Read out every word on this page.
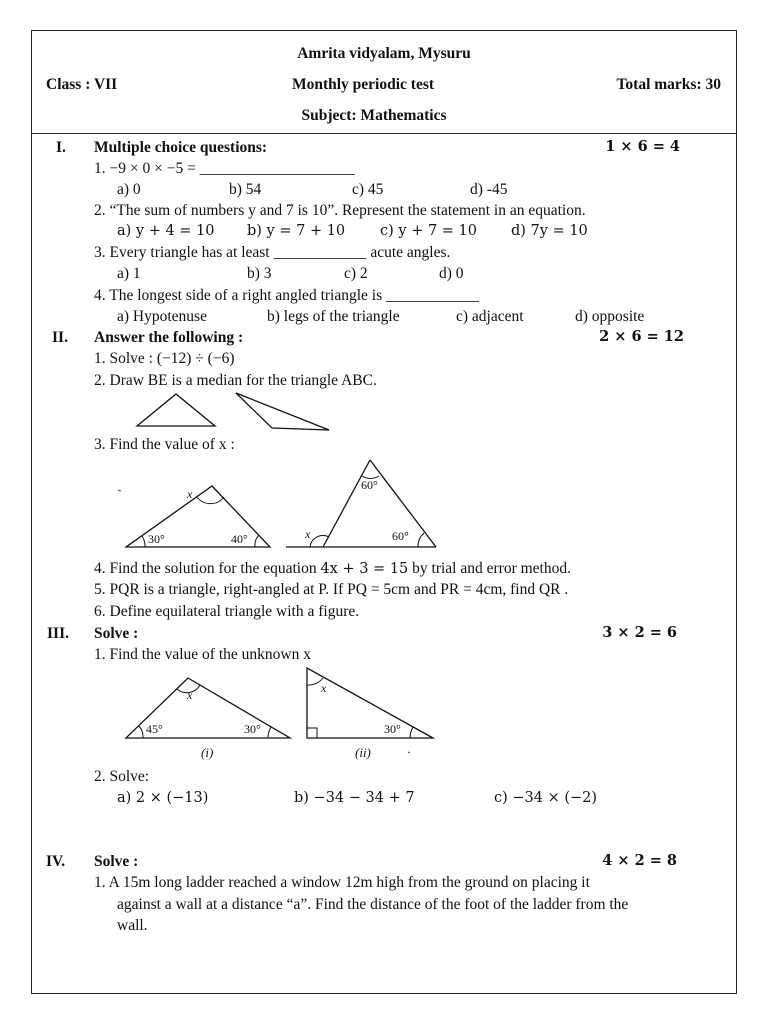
Amrita vidyalam, Mysuru
Class : VII	Monthly periodic test	Total marks: 30
Subject: Mathematics
I. Multiple choice questions:	1 × 6 = 4
1. −9 × 0 × −5 = ____________________
a) 0	b) 54	c) 45	d) -45
2. “The sum of numbers y and 7 is 10”. Represent the statement in an equation.
a) y + 4 = 10 b) y = 7 + 10 c) y + 7 = 10 d) 7y = 10
3. Every triangle has at least ____________ acute angles.
a) 1	b) 3	c) 2	d) 0
4. The longest side of a right angled triangle is ____________
a) Hypotenuse	b) legs of the triangle	c) adjacent	d) opposite
II. Answer the following :	2 × 6 = 12
1. Solve : (−12) ÷ (−6)
2. Draw BE is a median for the triangle ABC.
3. Find the value of x :
x
30°	40°
60°
60°
x
4. Find the solution for the equation 4x + 3 = 15 by trial and error method.
5. PQR is a triangle, right-angled at P. If PQ = 5cm and PR = 4cm, find QR .
6. Define equilateral triangle with a figure.
III. Solve :	3 × 2 = 6
1. Find the value of the unknown x
x
45°	30°
(i)
x
30°
(ii)
2. Solve:
a) 2 × (−13)	b) −34 − 34 + 7	c) −34 × (−2)
IV. Solve :	4 × 2 = 8
1. A 15m long ladder reached a window 12m high from the ground on placing it
against a wall at a distance “a”. Find the distance of the foot of the ladder from the
wall.
